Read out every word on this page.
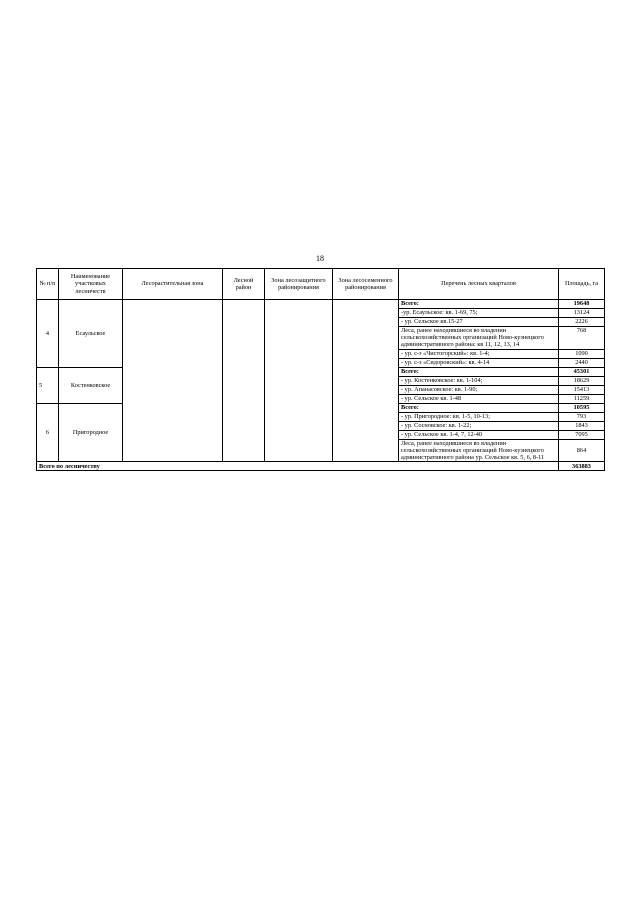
18
№ п/п	Наименование участковых лесничеств	Лесорастительная зона	Лесной район	Зона лесозащитного районирования	Зона лесосеменного районирования	Перечень лесных кварталов	Площадь, га
4	Есаульское					Всего:	19648
						-ур. Есаульское: кв. 1-69, 75;	13124
						- ур. Сельское кв.15-27	2226
						Леса, ранее находившиеся во владении сельскохозяйственных организаций Ново-кузнецкого административного района: кв 11, 12, 13, 14	768
						- ур. с-з «Чистогорский»: кв. 1-4;	1090
						- ур. с-з «Сидоровский»: кв. 4-14	2440
5	Костенковское					Всего:	45301
						- ур. Костенковское: кв. 1-104;	18629
						- ур. Апанасовское: кв. 1-90;	15413
						- ур. Сельское кв. 1-48	11259
6	Пригородное					Всего:	10595
						- ур. Пригородное: кв. 1-5, 10-13;	793
						- ур. Сосновское: кв. 1-22;	1843
						- ур. Сельское кв. 1-4, 7, 12-40	7095
						Леса, ранее находившиеся во владении сельскохозяйственных организаций Ново-кузнецкого административного района ур. Сельское кв. 5, 6, 8-11	864
Всего по лесничеству							363883
